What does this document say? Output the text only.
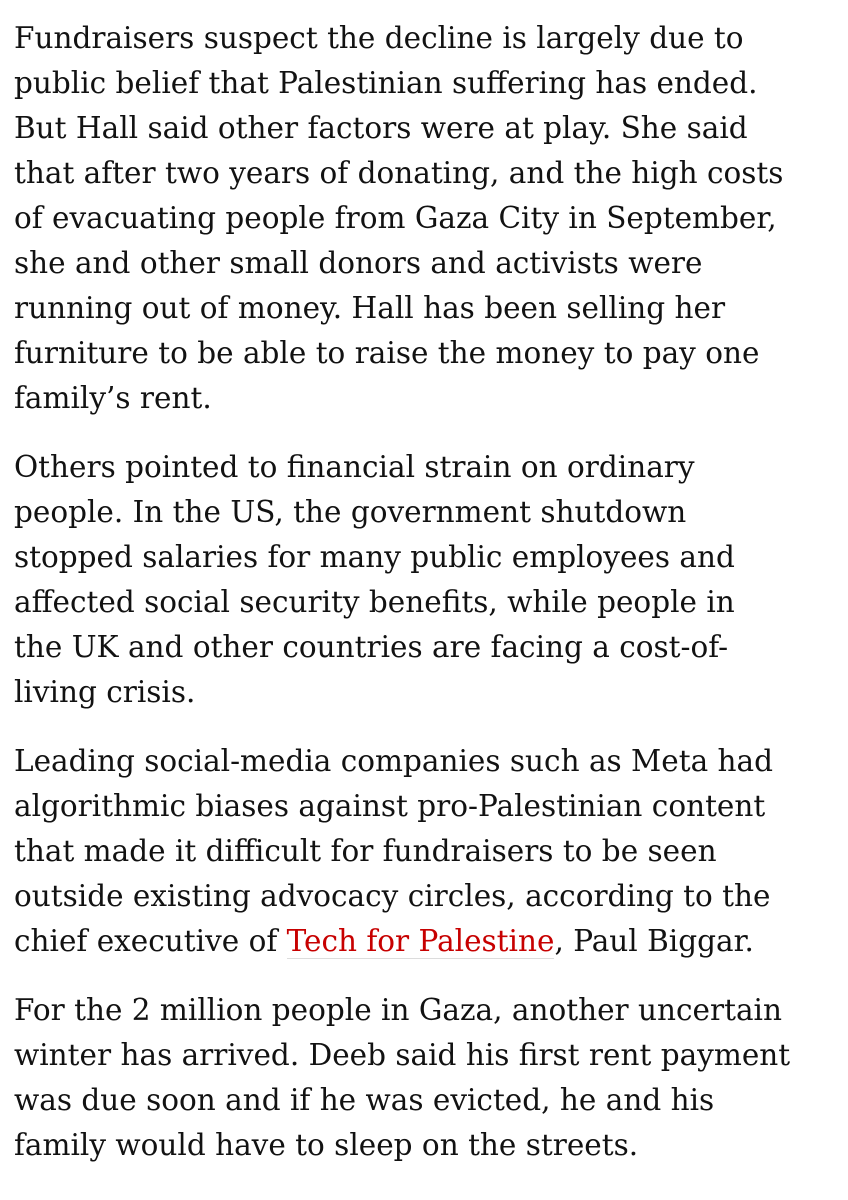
Fundraisers suspect the decline is largely due to
public belief that Palestinian suffering has ended.
But Hall said other factors were at play. She said
that after two years of donating, and the high costs
of evacuating people from Gaza City in September,
she and other small donors and activists were
running out of money. Hall has been selling her
furniture to be able to raise the money to pay one
family’s rent.

Others pointed to financial strain on ordinary
people. In the US, the government shutdown
stopped salaries for many public employees and
affected social security benefits, while people in
the UK and other countries are facing a cost-of-
living crisis.

Leading social-media companies such as Meta had
algorithmic biases against pro-Palestinian content
that made it difficult for fundraisers to be seen
outside existing advocacy circles, according to the
chief executive of Tech for Palestine, Paul Biggar.

For the 2 million people in Gaza, another uncertain
winter has arrived. Deeb said his first rent payment
was due soon and if he was evicted, he and his
family would have to sleep on the streets.
